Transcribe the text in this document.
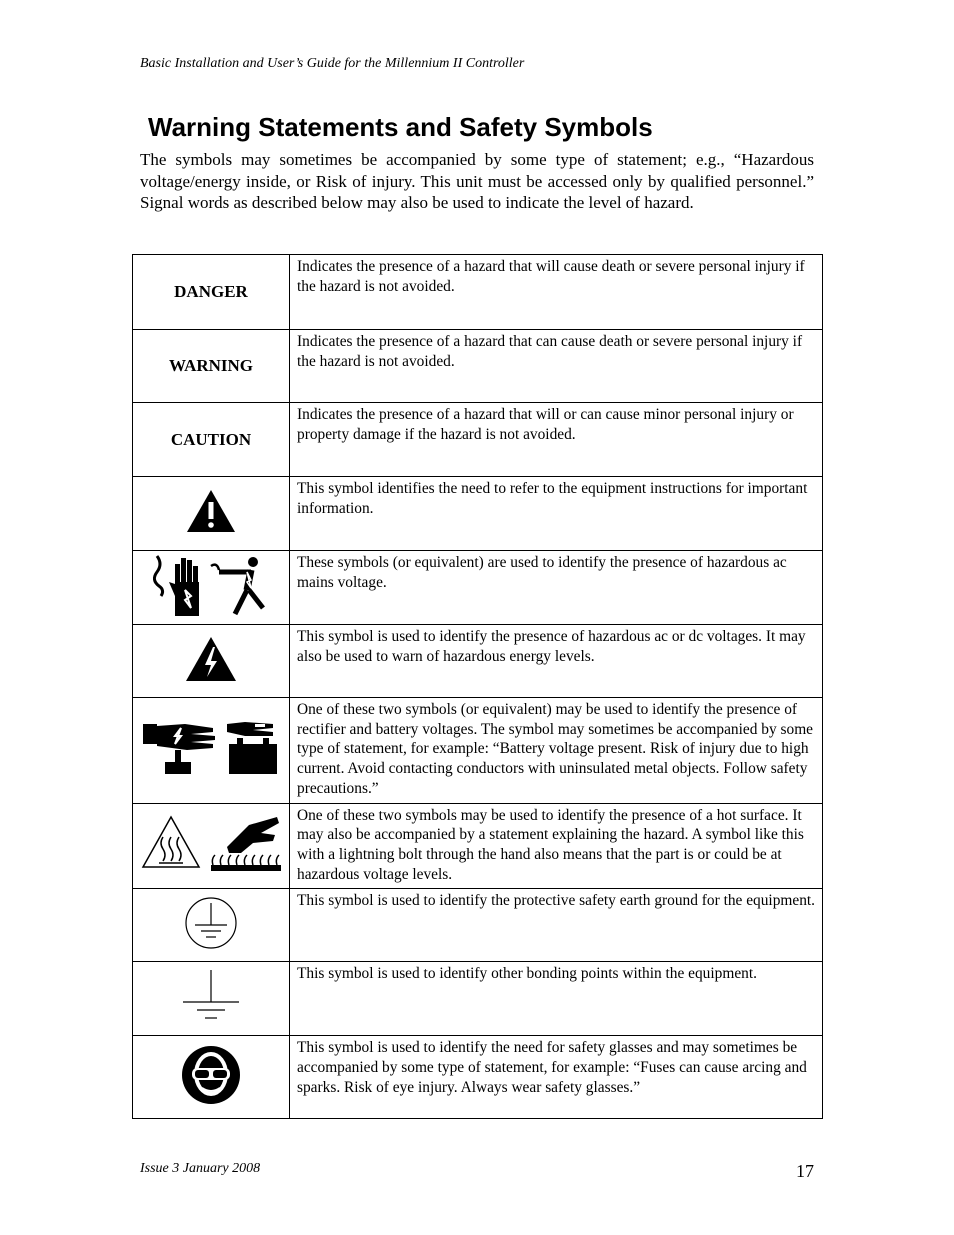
Basic Installation and User’s Guide for the Millennium II Controller
Warning Statements and Safety Symbols

The symbols may sometimes be accompanied by some type of statement; e.g., “Hazardous voltage/energy inside, or Risk of injury. This unit must be accessed only by qualified personnel.” Signal words as described below may also be used to indicate the level of hazard.

DANGER	Indicates the presence of a hazard that will cause death or severe personal injury if the hazard is not avoided.
WARNING	Indicates the presence of a hazard that can cause death or severe personal injury if the hazard is not avoided.
CAUTION	Indicates the presence of a hazard that will or can cause minor personal injury or property damage if the hazard is not avoided.
	This symbol identifies the need to refer to the equipment instructions for important information.
	These symbols (or equivalent) are used to identify the presence of hazardous ac mains voltage.
	This symbol is used to identify the presence of hazardous ac or dc voltages. It may also be used to warn of hazardous energy levels.
	One of these two symbols (or equivalent) may be used to identify the presence of rectifier and battery voltages. The symbol may sometimes be accompanied by some type of statement, for example: “Battery voltage present. Risk of injury due to high current. Avoid contacting conductors with uninsulated metal objects. Follow safety precautions.”
	One of these two symbols may be used to identify the presence of a hot surface. It may also be accompanied by a statement explaining the hazard. A symbol like this with a lightning bolt through the hand also means that the part is or could be at hazardous voltage levels.
	This symbol is used to identify the protective safety earth ground for the equipment.
	This symbol is used to identify other bonding points within the equipment.
	This symbol is used to identify the need for safety glasses and may sometimes be accompanied by some type of statement, for example: “Fuses can cause arcing and sparks. Risk of eye injury. Always wear safety glasses.”
Issue 3 January 2008	17
